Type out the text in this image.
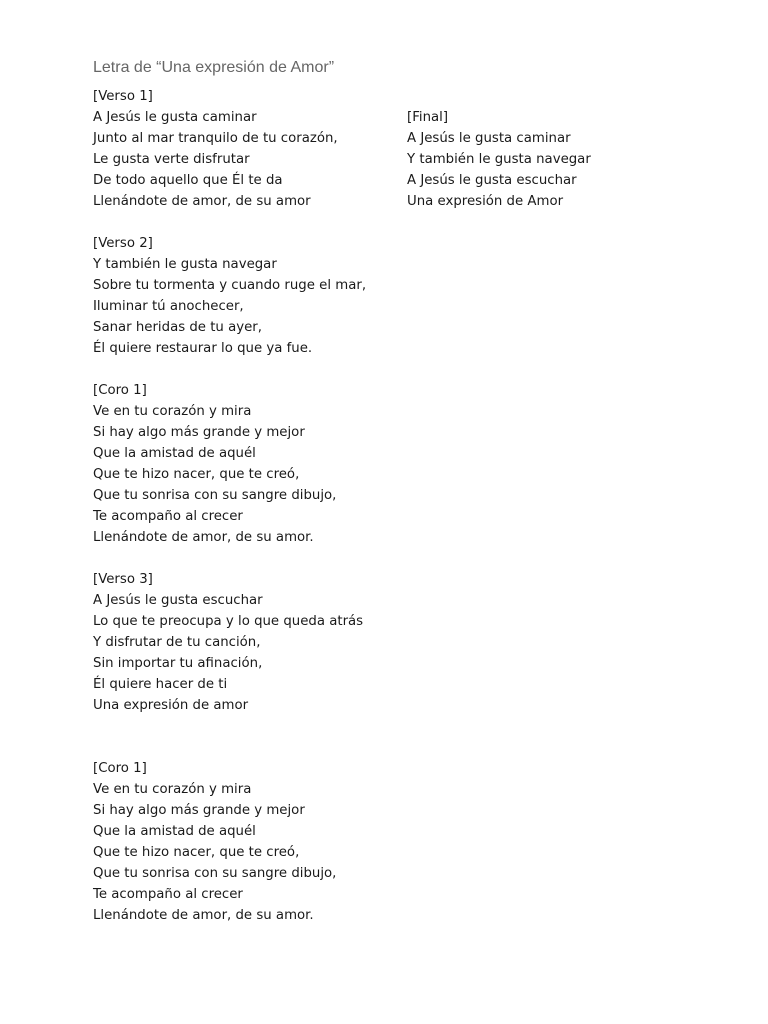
Letra de “Una expresión de Amor”
[Verso 1]
A Jesús le gusta caminar
Junto al mar tranquilo de tu corazón,
Le gusta verte disfrutar
De todo aquello que Él te da
Llenándote de amor, de su amor
[Verso 2]
Y también le gusta navegar
Sobre tu tormenta y cuando ruge el mar,
Iluminar tú anochecer,
Sanar heridas de tu ayer,
Él quiere restaurar lo que ya fue.
[Coro 1]
Ve en tu corazón y mira
Si hay algo más grande y mejor
Que la amistad de aquél
Que te hizo nacer, que te creó,
Que tu sonrisa con su sangre dibujo,
Te acompaño al crecer
Llenándote de amor, de su amor.
[Verso 3]
A Jesús le gusta escuchar
Lo que te preocupa y lo que queda atrás
Y disfrutar de tu canción,
Sin importar tu afinación,
Él quiere hacer de ti
Una expresión de amor
[Coro 1]
Ve en tu corazón y mira
Si hay algo más grande y mejor
Que la amistad de aquél
Que te hizo nacer, que te creó,
Que tu sonrisa con su sangre dibujo,
Te acompaño al crecer
Llenándote de amor, de su amor.
[Final]
A Jesús le gusta caminar
Y también le gusta navegar
A Jesús le gusta escuchar
Una expresión de Amor
